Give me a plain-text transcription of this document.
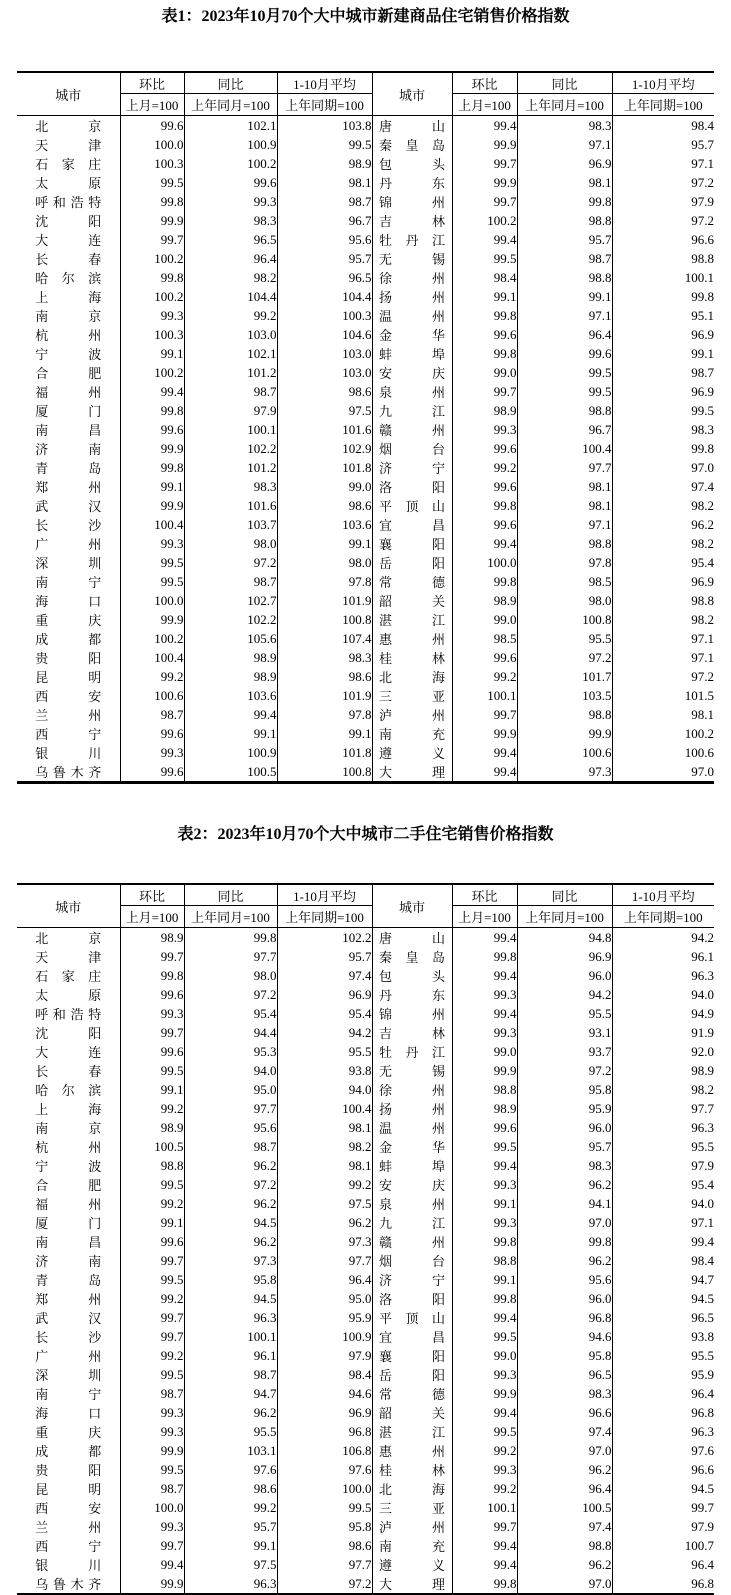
表1：2023年10月70个大中城市新建商品住宅销售价格指数
城市	环比	同比	1-10月平均	城市	环比	同比	1-10月平均
	上月=100	上年同月=100	上年同期=100		上月=100	上年同月=100	上年同期=100

北京	99.6	102.1	103.8	唐山	99.4	98.3	98.4

天津	100.0	100.9	99.5	秦皇岛	99.9	97.1	95.7

石家庄	100.3	100.2	98.9	包头	99.7	96.9	97.1

太原	99.5	99.6	98.1	丹东	99.9	98.1	97.2

呼和浩特	99.8	99.3	98.7	锦州	99.7	99.8	97.9

沈阳	99.9	98.3	96.7	吉林	100.2	98.8	97.2

大连	99.7	96.5	95.6	牡丹江	99.4	95.7	96.6

长春	100.2	96.4	95.7	无锡	99.5	98.7	98.8

哈尔滨	99.8	98.2	96.5	徐州	98.4	98.8	100.1

上海	100.2	104.4	104.4	扬州	99.1	99.1	99.8

南京	99.3	99.2	100.3	温州	99.8	97.1	95.1

杭州	100.3	103.0	104.6	金华	99.6	96.4	96.9

宁波	99.1	102.1	103.0	蚌埠	99.8	99.6	99.1

合肥	100.2	101.2	103.0	安庆	99.0	99.5	98.7

福州	99.4	98.7	98.6	泉州	99.7	99.5	96.9

厦门	99.8	97.9	97.5	九江	98.9	98.8	99.5

南昌	99.6	100.1	101.6	赣州	99.3	96.7	98.3

济南	99.9	102.2	102.9	烟台	99.6	100.4	99.8

青岛	99.8	101.2	101.8	济宁	99.2	97.7	97.0

郑州	99.1	98.3	99.0	洛阳	99.6	98.1	97.4

武汉	99.9	101.6	98.6	平顶山	99.8	98.1	98.2

长沙	100.4	103.7	103.6	宜昌	99.6	97.1	96.2

广州	99.3	98.0	99.1	襄阳	99.4	98.8	98.2

深圳	99.5	97.2	98.0	岳阳	100.0	97.8	95.4

南宁	99.5	98.7	97.8	常德	99.8	98.5	96.9

海口	100.0	102.7	101.9	韶关	98.9	98.0	98.8

重庆	99.9	102.2	100.8	湛江	99.0	100.8	98.2

成都	100.2	105.6	107.4	惠州	98.5	95.5	97.1

贵阳	100.4	98.9	98.3	桂林	99.6	97.2	97.1

昆明	99.2	98.9	98.6	北海	99.2	101.7	97.2

西安	100.6	103.6	101.9	三亚	100.1	103.5	101.5

兰州	98.7	99.4	97.8	泸州	99.7	98.8	98.1

西宁	99.6	99.1	99.1	南充	99.9	99.9	100.2

银川	99.3	100.9	101.8	遵义	99.4	100.6	100.6

乌鲁木齐	99.6	100.5	100.8	大理	99.4	97.3	97.0
表2：2023年10月70个大中城市二手住宅销售价格指数
城市	环比	同比	1-10月平均	城市	环比	同比	1-10月平均
	上月=100	上年同月=100	上年同期=100		上月=100	上年同月=100	上年同期=100

北京	98.9	99.8	102.2	唐山	99.4	94.8	94.2

天津	99.7	97.7	95.7	秦皇岛	99.8	96.9	96.1

石家庄	99.8	98.0	97.4	包头	99.4	96.0	96.3

太原	99.6	97.2	96.9	丹东	99.3	94.2	94.0

呼和浩特	99.3	95.4	95.4	锦州	99.4	95.5	94.9

沈阳	99.7	94.4	94.2	吉林	99.3	93.1	91.9

大连	99.6	95.3	95.5	牡丹江	99.0	93.7	92.0

长春	99.5	94.0	93.8	无锡	99.9	97.2	98.9

哈尔滨	99.1	95.0	94.0	徐州	98.8	95.8	98.2

上海	99.2	97.7	100.4	扬州	98.9	95.9	97.7

南京	98.9	95.6	98.1	温州	99.6	96.0	96.3

杭州	100.5	98.7	98.2	金华	99.5	95.7	95.5

宁波	98.8	96.2	98.1	蚌埠	99.4	98.3	97.9

合肥	99.5	97.2	99.2	安庆	99.3	96.2	95.4

福州	99.2	96.2	97.5	泉州	99.1	94.1	94.0

厦门	99.1	94.5	96.2	九江	99.3	97.0	97.1

南昌	99.6	96.2	97.3	赣州	99.8	99.8	99.4

济南	99.7	97.3	97.7	烟台	98.8	96.2	98.4

青岛	99.5	95.8	96.4	济宁	99.1	95.6	94.7

郑州	99.2	94.5	95.0	洛阳	99.8	96.0	94.5

武汉	99.7	96.3	95.9	平顶山	99.4	96.8	96.5

长沙	99.7	100.1	100.9	宜昌	99.5	94.6	93.8

广州	99.2	96.1	97.9	襄阳	99.0	95.8	95.5

深圳	99.5	98.7	98.4	岳阳	99.3	96.5	95.9

南宁	98.7	94.7	94.6	常德	99.9	98.3	96.4

海口	99.3	96.2	96.9	韶关	99.4	96.6	96.8

重庆	99.3	95.5	96.8	湛江	99.5	97.4	96.3

成都	99.9	103.1	106.8	惠州	99.2	97.0	97.6

贵阳	99.5	97.6	97.6	桂林	99.3	96.2	96.6

昆明	98.7	98.6	100.0	北海	99.2	96.4	94.5

西安	100.0	99.2	99.5	三亚	100.1	100.5	99.7

兰州	99.3	95.7	95.8	泸州	99.7	97.4	97.9

西宁	99.7	99.1	98.6	南充	99.4	98.8	100.7

银川	99.4	97.5	97.7	遵义	99.4	96.2	96.4

乌鲁木齐	99.9	96.3	97.2	大理	99.8	97.0	96.8
